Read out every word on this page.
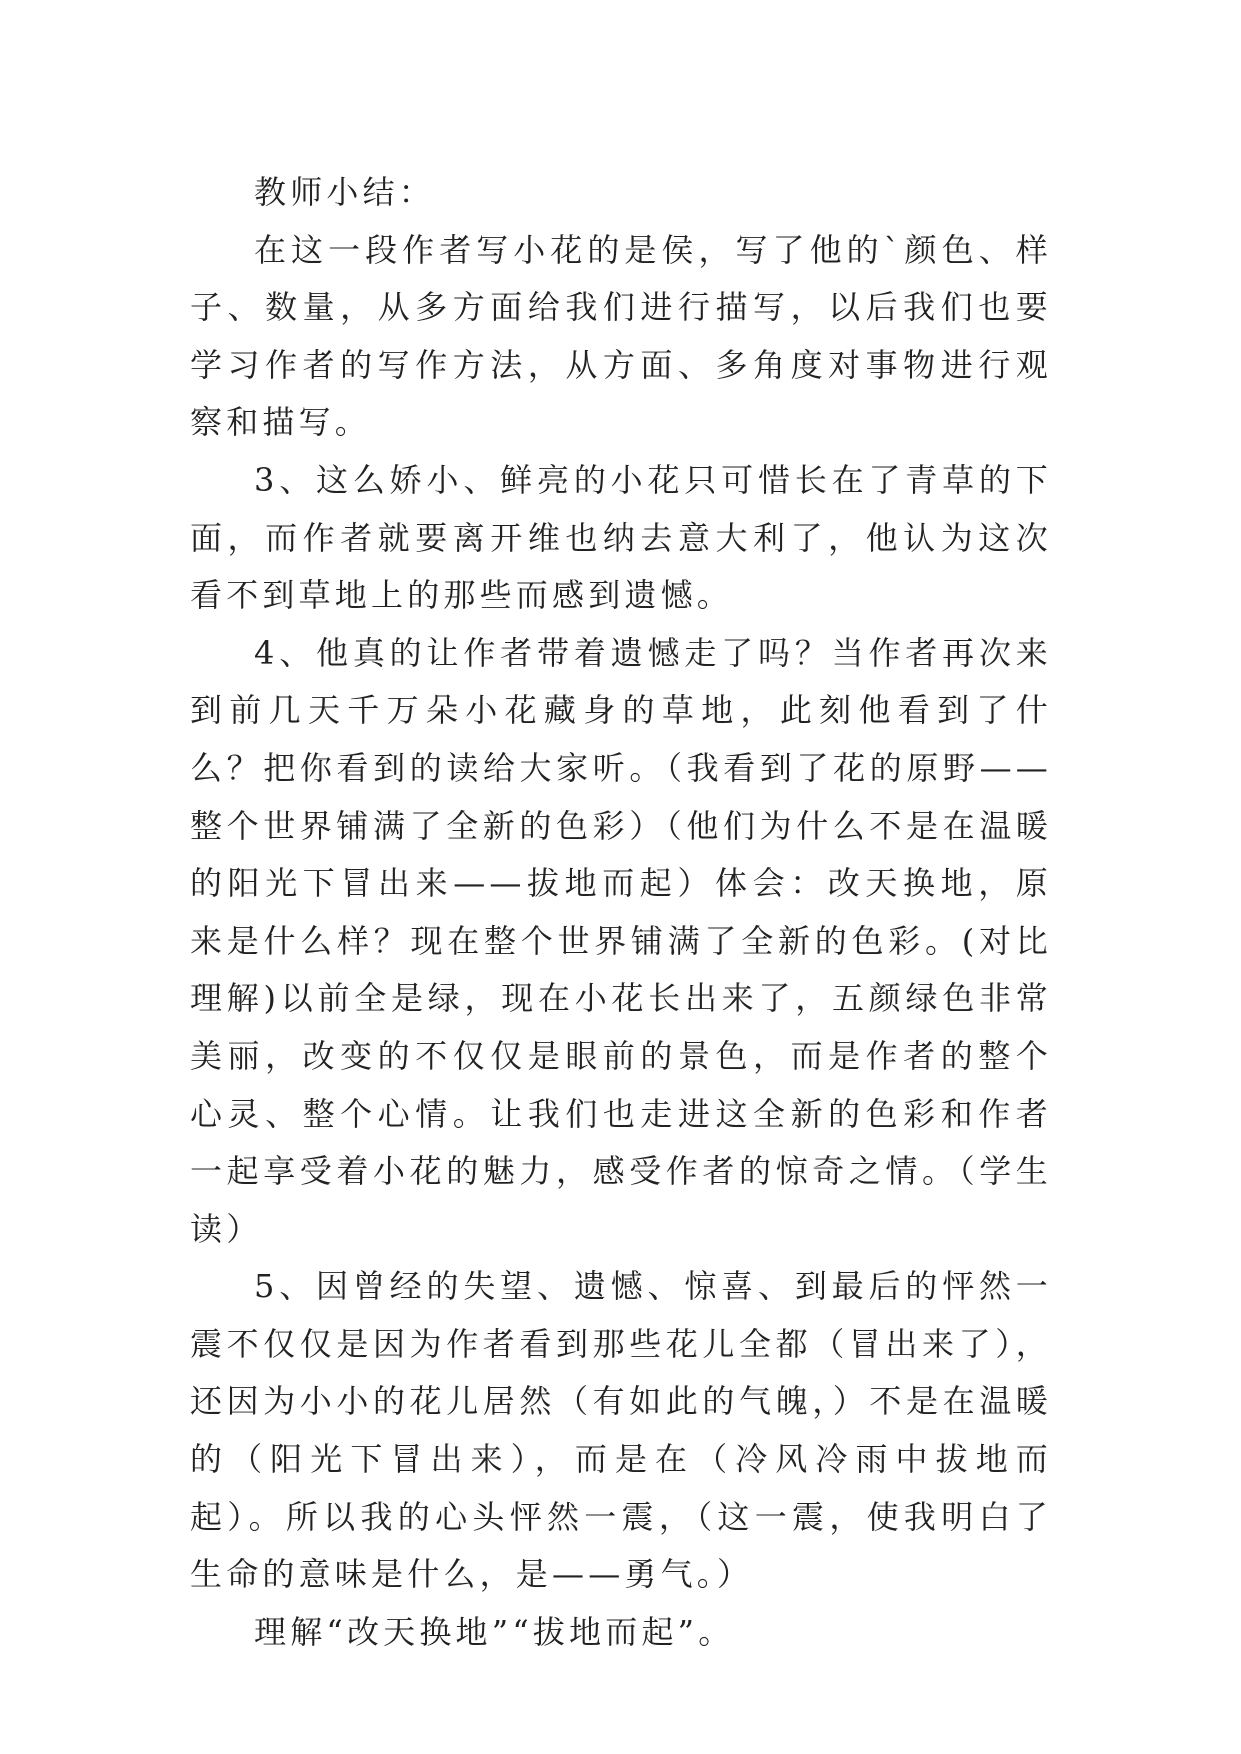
教师小结：

在这一段作者写小花的是侯，写了他的`颜色、样子、数量，从多方面给我们进行描写，以后我们也要学习作者的写作方法，从方面、多角度对事物进行观察和描写。

3、这么娇小、鲜亮的小花只可惜长在了青草的下面，而作者就要离开维也纳去意大利了，他认为这次看不到草地上的那些而感到遗憾。

4、他真的让作者带着遗憾走了吗？当作者再次来到前几天千万朵小花藏身的草地，此刻他看到了什么？把你看到的读给大家听。（我看到了花的原野——整个世界铺满了全新的色彩）（他们为什么不是在温暖的阳光下冒出来——拔地而起）体会：改天换地，原来是什么样？现在整个世界铺满了全新的色彩。(对比理解)以前全是绿，现在小花长出来了，五颜绿色非常美丽，改变的不仅仅是眼前的景色，而是作者的整个心灵、整个心情。让我们也走进这全新的色彩和作者一起享受着小花的魅力，感受作者的惊奇之情。（学生读）

5、因曾经的失望、遗憾、惊喜、到最后的怦然一震不仅仅是因为作者看到那些花儿全都（冒出来了），还因为小小的花儿居然（有如此的气魄，）不是在温暖的（阳光下冒出来），而是在（冷风冷雨中拔地而起）。所以我的心头怦然一震，（这一震，使我明白了生命的意味是什么，是——勇气。）

理解“改天换地”“拔地而起”。
